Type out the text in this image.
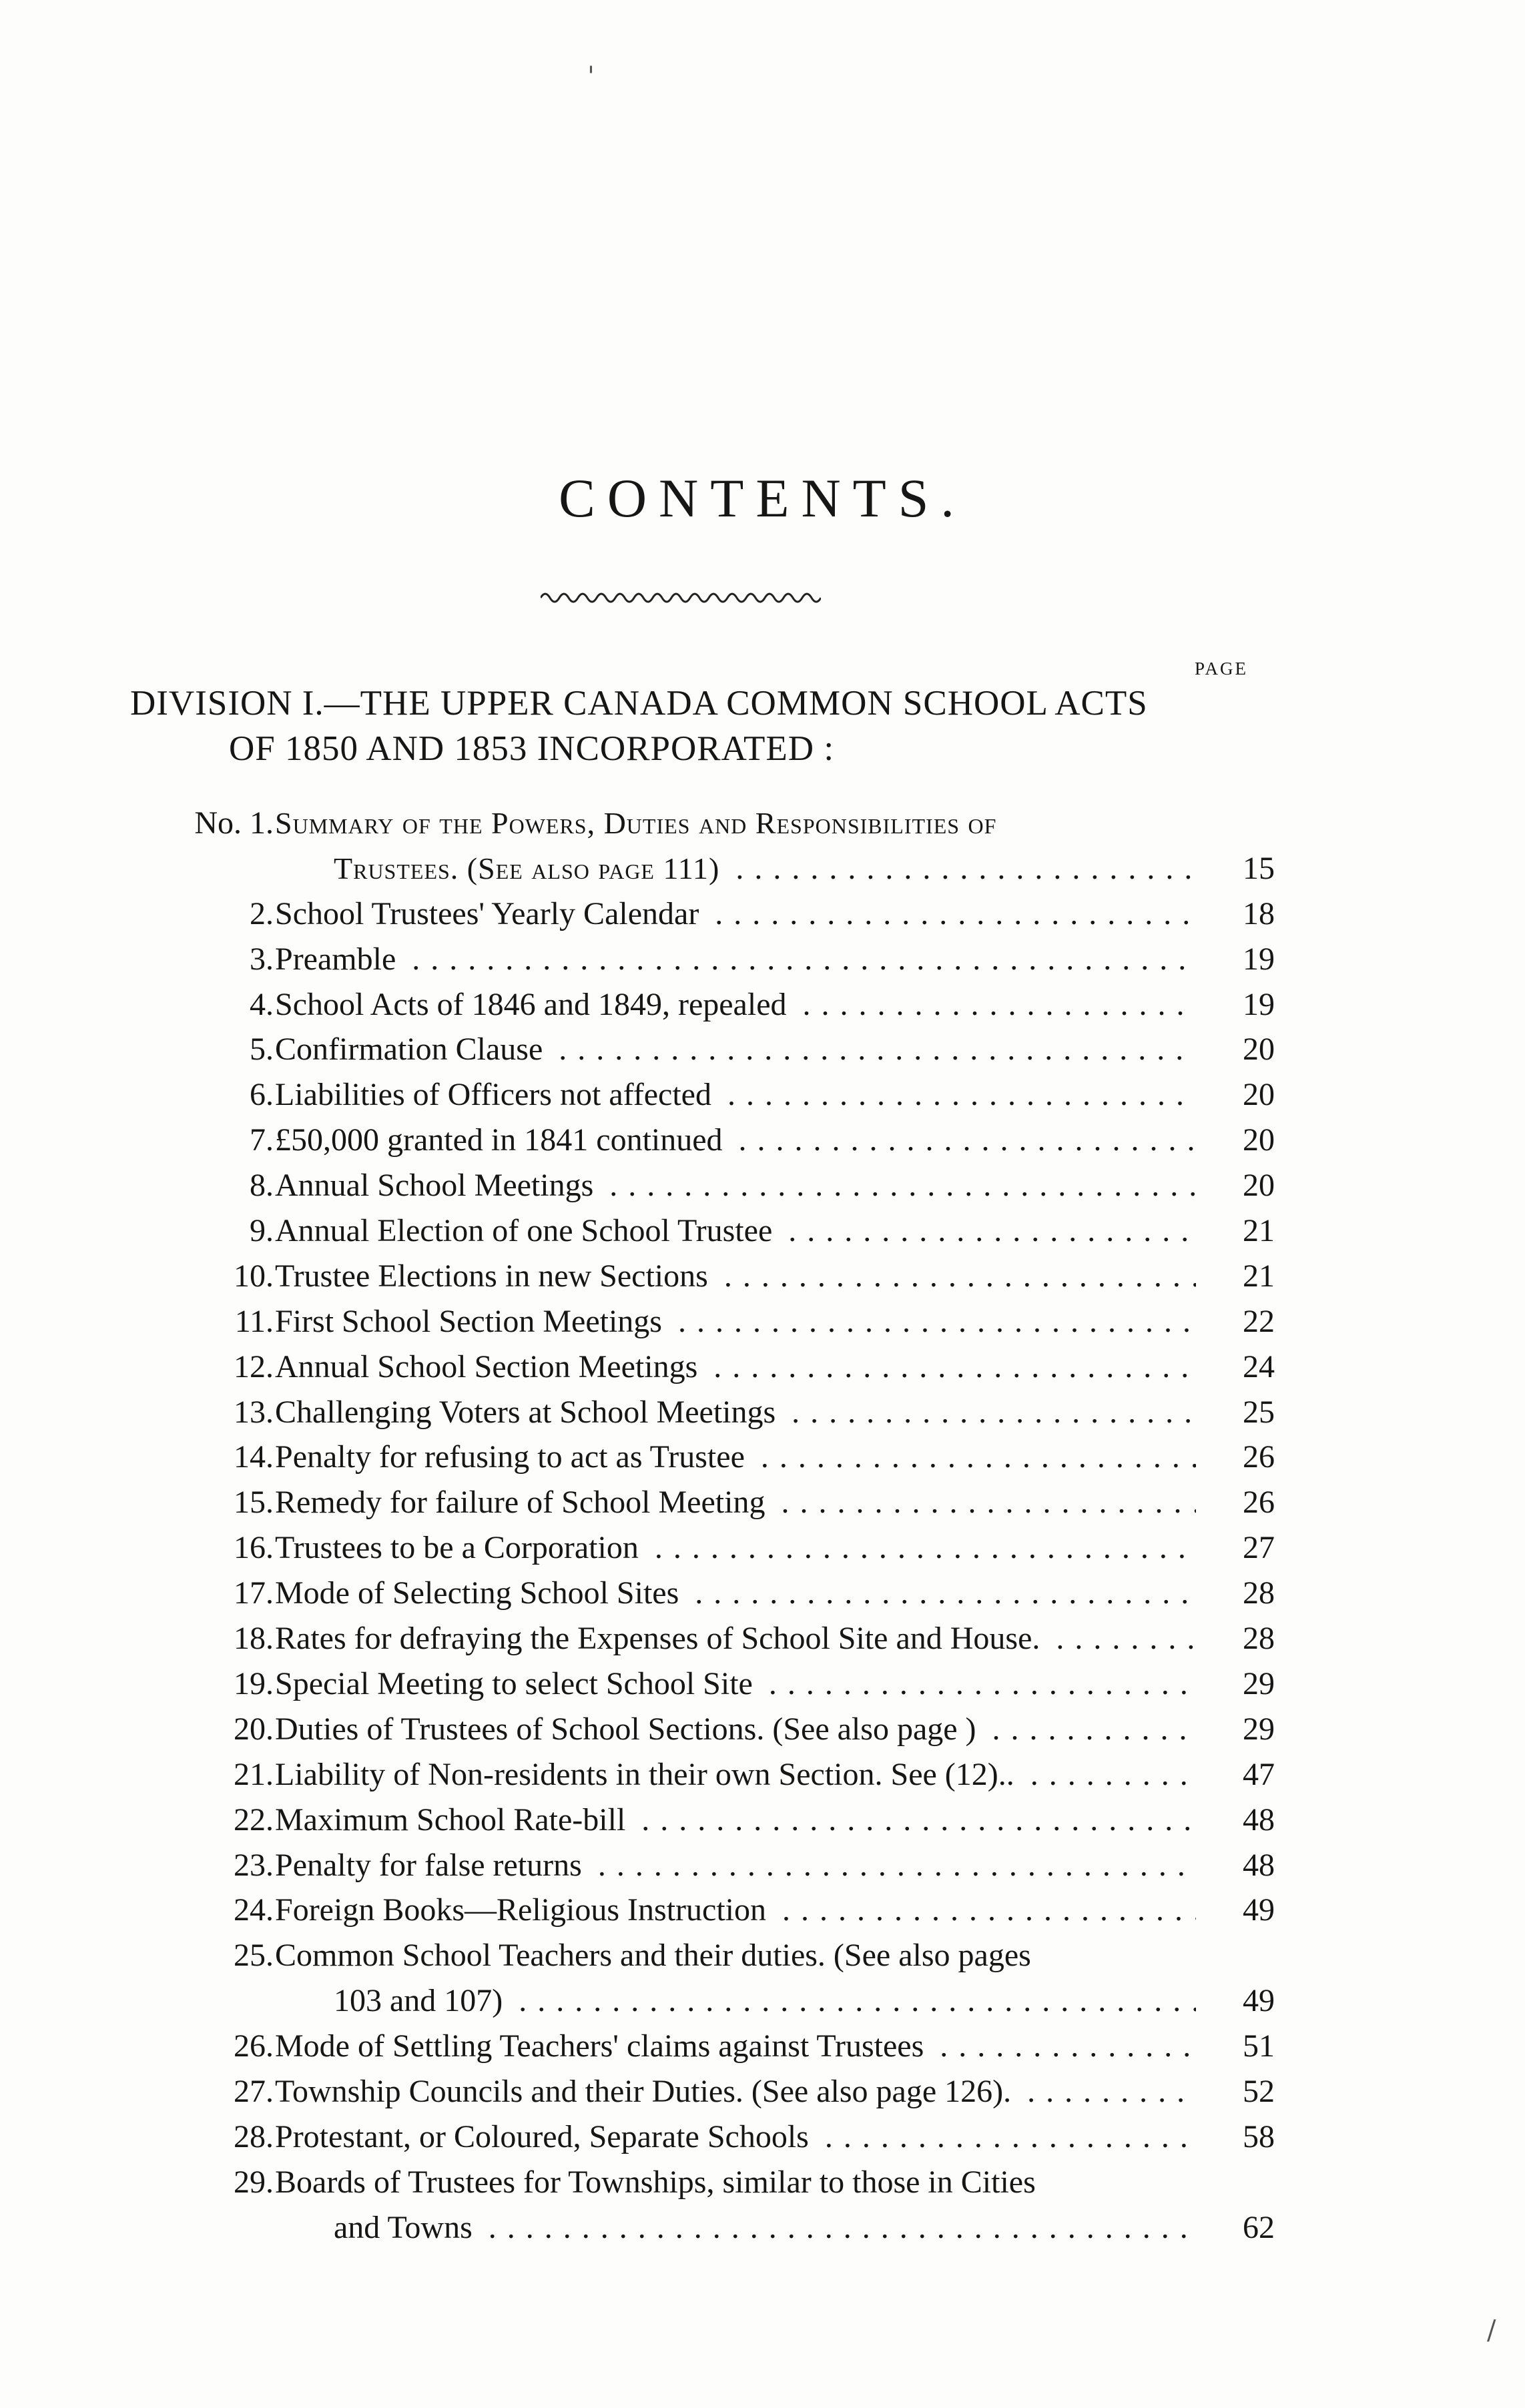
CONTENTS.
PAGE
DIVISION I.—THE UPPER CANADA COMMON SCHOOL ACTS
OF 1850 AND 1853 INCORPORATED :
No. 1. Summary of the Powers, Duties and Responsibilities of
Trustees. (See also page 111) . . .	15
2. School Trustees' Yearly Calendar . . .	18
3. Preamble . . .	19
4. School Acts of 1846 and 1849, repealed . . .	19
5. Confirmation Clause . . .	20
6. Liabilities of Officers not affected . . .	20
7. £50,000 granted in 1841 continued . . .	20
8. Annual School Meetings . . .	20
9. Annual Election of one School Trustee . . .	21
10. Trustee Elections in new Sections . . .	21
11. First School Section Meetings . . .	22
12. Annual School Section Meetings . . .	24
13. Challenging Voters at School Meetings . . .	25
14. Penalty for refusing to act as Trustee . . .	26
15. Remedy for failure of School Meeting . . .	26
16. Trustees to be a Corporation . . .	27
17. Mode of Selecting School Sites . . .	28
18. Rates for defraying the Expenses of School Site and House. . . .	28
19. Special Meeting to select School Site . . .	29
20. Duties of Trustees of School Sections. (See also page ) . . .	29
21. Liability of Non-residents in their own Section. See (12).. . . .	47
22. Maximum School Rate-bill . . .	48
23. Penalty for false returns . . .	48
24. Foreign Books—Religious Instruction . . .	49
25. Common School Teachers and their duties. (See also pages
103 and 107) . . .	49
26. Mode of Settling Teachers' claims against Trustees . . .	51
27. Township Councils and their Duties. (See also page 126). . . .	52
28. Protestant, or Coloured, Separate Schools . . .	58
29. Boards of Trustees for Townships, similar to those in Cities
and Towns . . .	62
'
/
